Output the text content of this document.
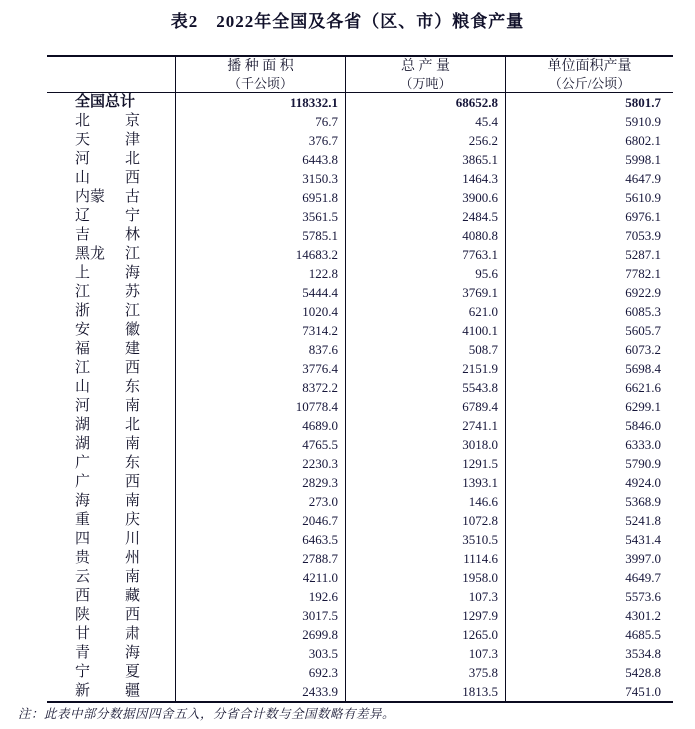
表2　2022年全国及各省（区、市）粮食产量
播 种 面 积
（千公顷）
总 产 量
（万吨）
单位面积产量
（公斤/公顷）
全国总计	118332.1	68652.8	5801.7
北 京	76.7	45.4	5910.9
天 津	376.7	256.2	6802.1
河 北	6443.8	3865.1	5998.1
山 西	3150.3	1464.3	4647.9
内蒙 古	6951.8	3900.6	5610.9
辽 宁	3561.5	2484.5	6976.1
吉 林	5785.1	4080.8	7053.9
黑龙 江	14683.2	7763.1	5287.1
上 海	122.8	95.6	7782.1
江 苏	5444.4	3769.1	6922.9
浙 江	1020.4	621.0	6085.3
安 徽	7314.2	4100.1	5605.7
福 建	837.6	508.7	6073.2
江 西	3776.4	2151.9	5698.4
山 东	8372.2	5543.8	6621.6
河 南	10778.4	6789.4	6299.1
湖 北	4689.0	2741.1	5846.0
湖 南	4765.5	3018.0	6333.0
广 东	2230.3	1291.5	5790.9
广 西	2829.3	1393.1	4924.0
海 南	273.0	146.6	5368.9
重 庆	2046.7	1072.8	5241.8
四 川	6463.5	3510.5	5431.4
贵 州	2788.7	1114.6	3997.0
云 南	4211.0	1958.0	4649.7
西 藏	192.6	107.3	5573.6
陕 西	3017.5	1297.9	4301.2
甘 肃	2699.8	1265.0	4685.5
青 海	303.5	107.3	3534.8
宁 夏	692.3	375.8	5428.8
新 疆	2433.9	1813.5	7451.0
注：此表中部分数据因四舍五入，分省合计数与全国数略有差异。
